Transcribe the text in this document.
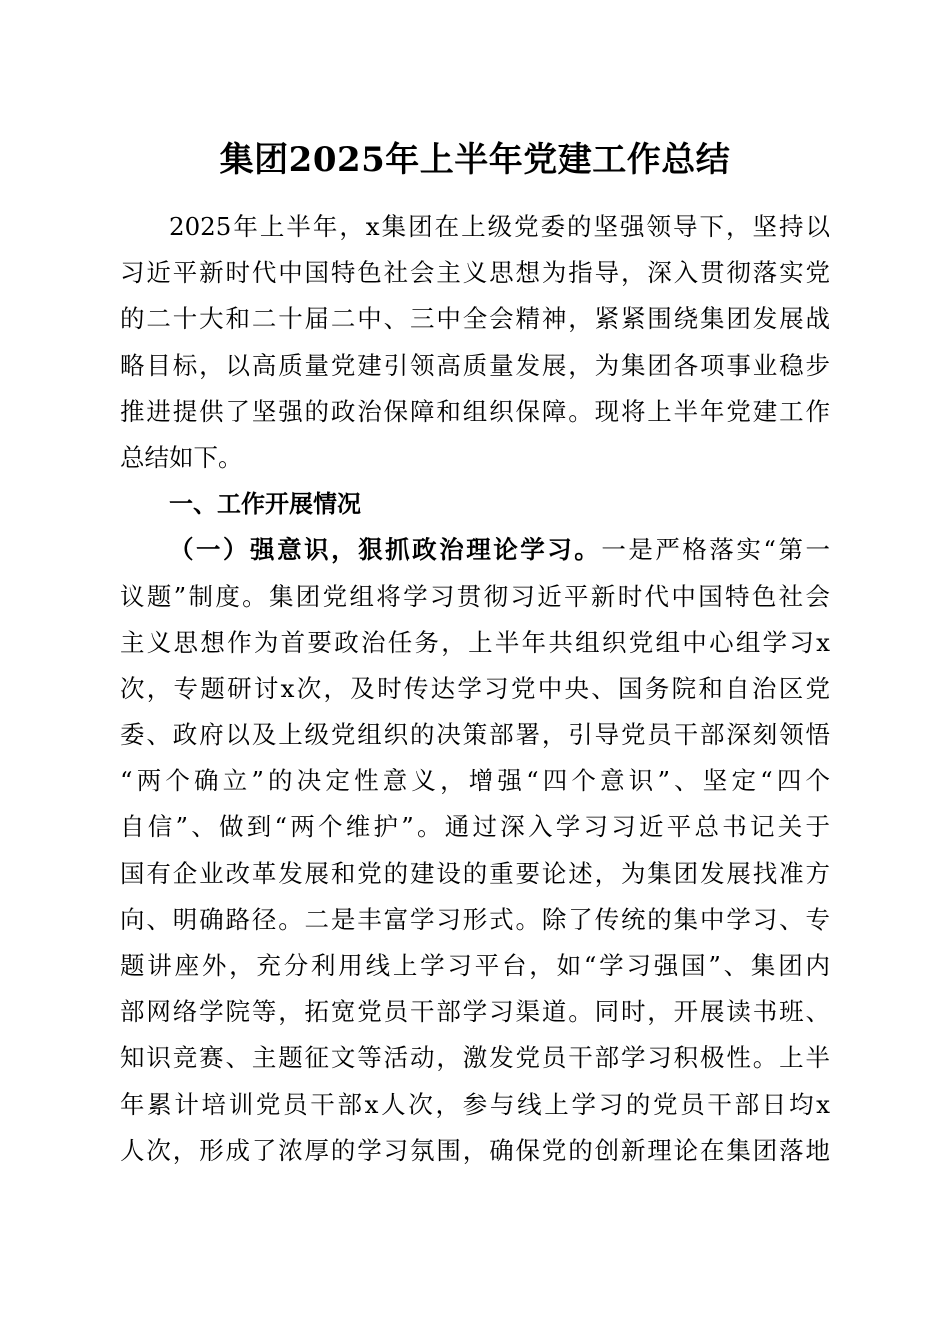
集团2025年上半年党建工作总结
2025年上半年，x集团在上级党委的坚强领导下，坚持以
习近平新时代中国特色社会主义思想为指导，深入贯彻落实党
的二十大和二十届二中、三中全会精神，紧紧围绕集团发展战
略目标，以高质量党建引领高质量发展，为集团各项事业稳步
推进提供了坚强的政治保障和组织保障。现将上半年党建工作
总结如下。
一、工作开展情况
（一）强意识，狠抓政治理论学习。一是严格落实“第一
议题”制度。集团党组将学习贯彻习近平新时代中国特色社会
主义思想作为首要政治任务，上半年共组织党组中心组学习x
次，专题研讨x次，及时传达学习党中央、国务院和自治区党
委、政府以及上级党组织的决策部署，引导党员干部深刻领悟
“两个确立”的决定性意义，增强“四个意识”、坚定“四个
自信”、做到“两个维护”。通过深入学习习近平总书记关于
国有企业改革发展和党的建设的重要论述，为集团发展找准方
向、明确路径。二是丰富学习形式。除了传统的集中学习、专
题讲座外，充分利用线上学习平台，如“学习强国”、集团内
部网络学院等，拓宽党员干部学习渠道。同时，开展读书班、
知识竞赛、主题征文等活动，激发党员干部学习积极性。上半
年累计培训党员干部x人次，参与线上学习的党员干部日均x
人次，形成了浓厚的学习氛围，确保党的创新理论在集团落地
